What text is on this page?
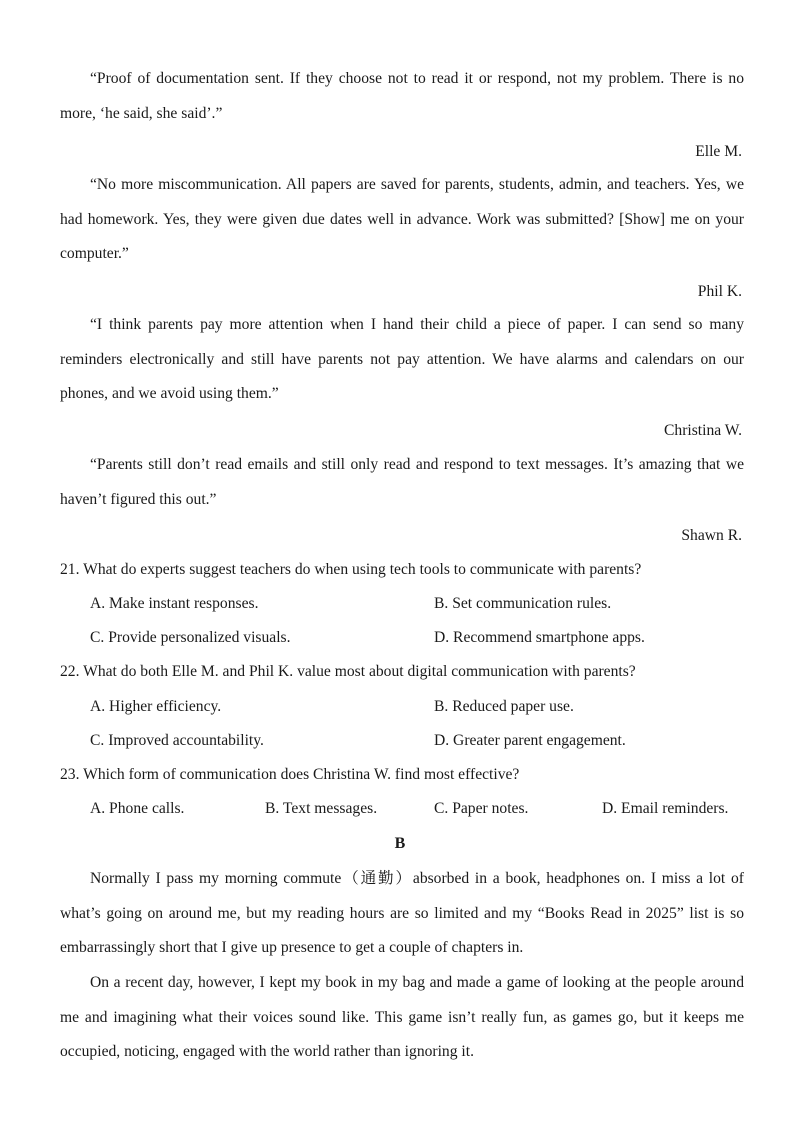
“Proof of documentation sent. If they choose not to read it or respond, not my problem. There is no more, ‘he said, she said’.”

Elle M.

“No more miscommunication. All papers are saved for parents, students, admin, and teachers. Yes, we had homework. Yes, they were given due dates well in advance. Work was submitted? [Show] me on your computer.”

Phil K.

“I think parents pay more attention when I hand their child a piece of paper. I can send so many reminders electronically and still have parents not pay attention. We have alarms and calendars on our phones, and we avoid using them.”

Christina W.

“Parents still don’t read emails and still only read and respond to text messages. It’s amazing that we haven’t figured this out.”

Shawn R.

21. What do experts suggest teachers do when using tech tools to communicate with parents?

A. Make instant responses.	B. Set communication rules.
C. Provide personalized visuals.	D. Recommend smartphone apps.

22. What do both Elle M. and Phil K. value most about digital communication with parents?

A. Higher efficiency.	B. Reduced paper use.
C. Improved accountability.	D. Greater parent engagement.

23. Which form of communication does Christina W. find most effective?

A. Phone calls.	B. Text messages.	C. Paper notes.	D. Email reminders.
B

Normally I pass my morning commute（通勤）absorbed in a book, headphones on. I miss a lot of what’s going on around me, but my reading hours are so limited and my “Books Read in 2025” list is so embarrassingly short that I give up presence to get a couple of chapters in.

On a recent day, however, I kept my book in my bag and made a game of looking at the people around me and imagining what their voices sound like. This game isn’t really fun, as games go, but it keeps me occupied, noticing, engaged with the world rather than ignoring it.
